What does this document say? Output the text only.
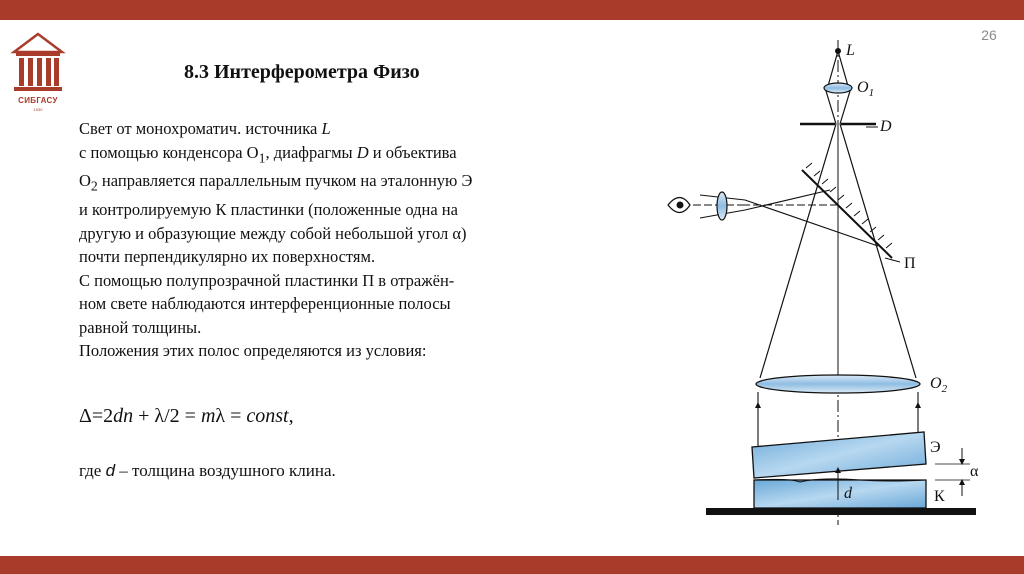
26
СИБГАСУ
1930
8.3 Интерферометра Физо

Свет от монохроматич. источника L

с помощью конденсора $О_1$, диафрагмы D и объектива

$О_2$ направляется параллельным пучком на эталонную Э

и контролируемую К пластинки (положенные одна на

другую и образующие между собой небольшой угол α)

почти перпендикулярно их поверхностям.

С помощью полупрозрачной пластинки П в отражён-

ном свете наблюдаются интерференционные полосы

равной толщины.

Положения этих полос определяются из условия:

Δ=2dn + λ/2 = mλ = const,
где d – толщина воздушного клина.
L
$O_1$
D
П
$O_2$
Э
α
К
d
